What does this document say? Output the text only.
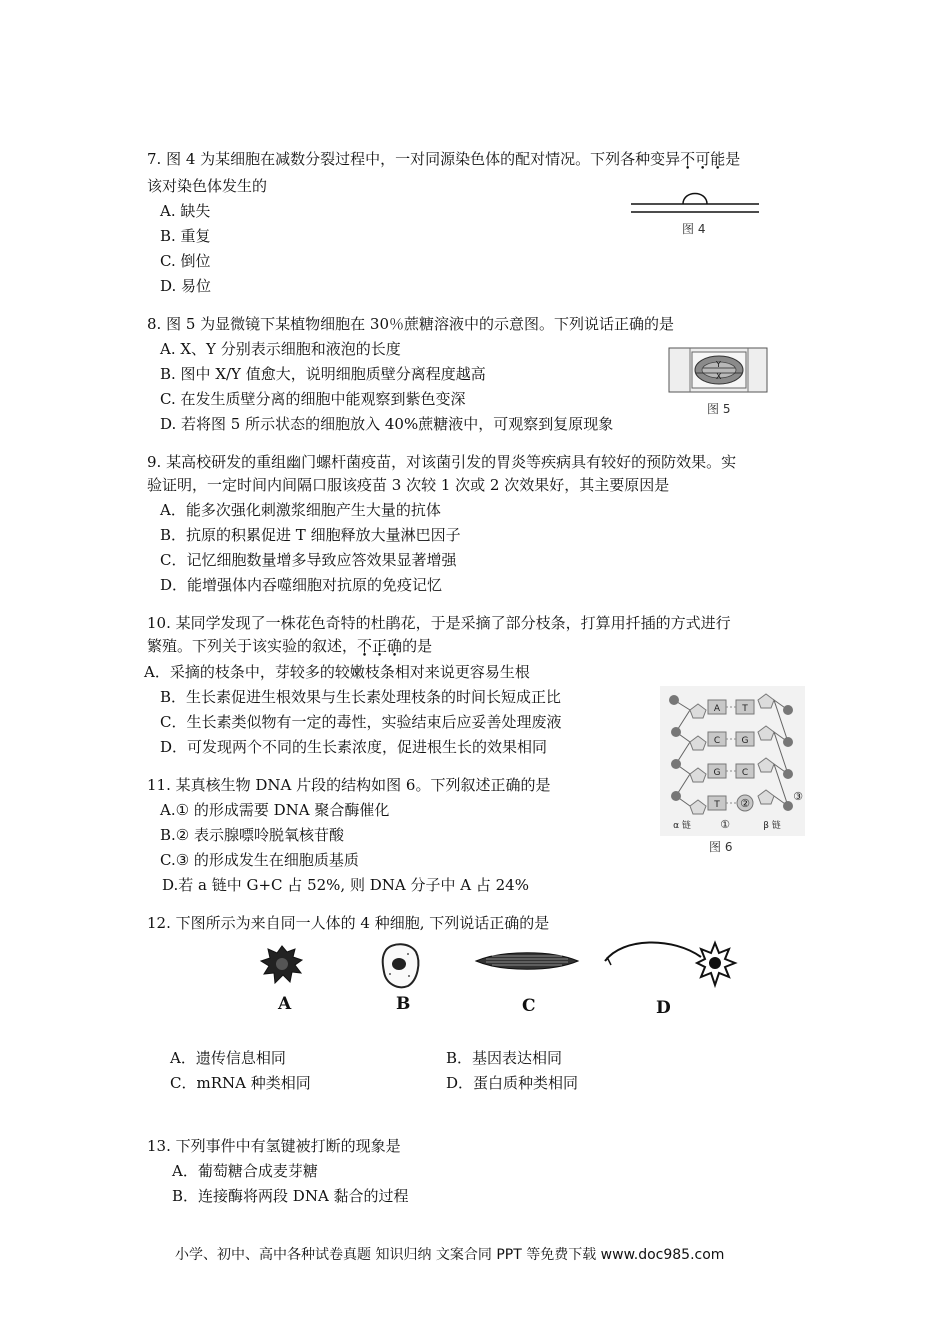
7. 图 4 为某细胞在减数分裂过程中，一对同源染色体的配对情况。下列各种变异不可能是
该对染色体发生的
A. 缺失
B. 重复
C. 倒位
D. 易位
图 4
8. 图 5 为显微镜下某植物细胞在 30％蔗糖溶液中的示意图。下列说话正确的是
A. X、Y 分别表示细胞和液泡的长度
B. 图中 X/Y 值愈大，说明细胞质壁分离程度越高
C. 在发生质壁分离的细胞中能观察到紫色变深
D. 若将图 5 所示状态的细胞放入 40%蔗糖液中，可观察到复原现象
Y
X
图 5
9. 某高校研发的重组幽门螺杆菌疫苗，对该菌引发的胃炎等疾病具有较好的预防效果。实
验证明，一定时间内间隔口服该疫苗 3 次较 1 次或 2 次效果好，其主要原因是
A．能多次强化刺激浆细胞产生大量的抗体
B．抗原的积累促进 T 细胞释放大量淋巴因子
C．记忆细胞数量增多导致应答效果显著增强
D．能增强体内吞噬细胞对抗原的免疫记忆
10. 某同学发现了一株花色奇特的杜鹃花，于是采摘了部分枝条，打算用扦插的方式进行
繁殖。下列关于该实验的叙述，不正确的是
A．采摘的枝条中，芽较多的较嫩枝条相对来说更容易生根
B．生长素促进生根效果与生长素处理枝条的时间长短成正比
C．生长素类似物有一定的毒性，实验结束后应妥善处理废液
D．可发现两个不同的生长素浓度，促进根生长的效果相同
A T
C G
G C
T ②
α 链	①	β 链
③
图 6
11. 某真核生物 DNA 片段的结构如图 6。下列叙述正确的是
A.① 的形成需要 DNA 聚合酶催化
B.② 表示腺嘌呤脱氧核苷酸
C.③ 的形成发生在细胞质基质
D.若 a 链中 G+C 占 52%, 则 DNA 分子中 A 占 24%
12. 下图所示为来自同一人体的 4 种细胞, 下列说话正确的是
A	B	C	D
A．遗传信息相同	B．基因表达相同
C．mRNA 种类相同	D．蛋白质种类相同
13. 下列事件中有氢键被打断的现象是
A．葡萄糖合成麦芽糖
B．连接酶将两段 DNA 黏合的过程
小学、初中、高中各种试卷真题 知识归纳 文案合同 PPT 等免费下载 www.doc985.com
